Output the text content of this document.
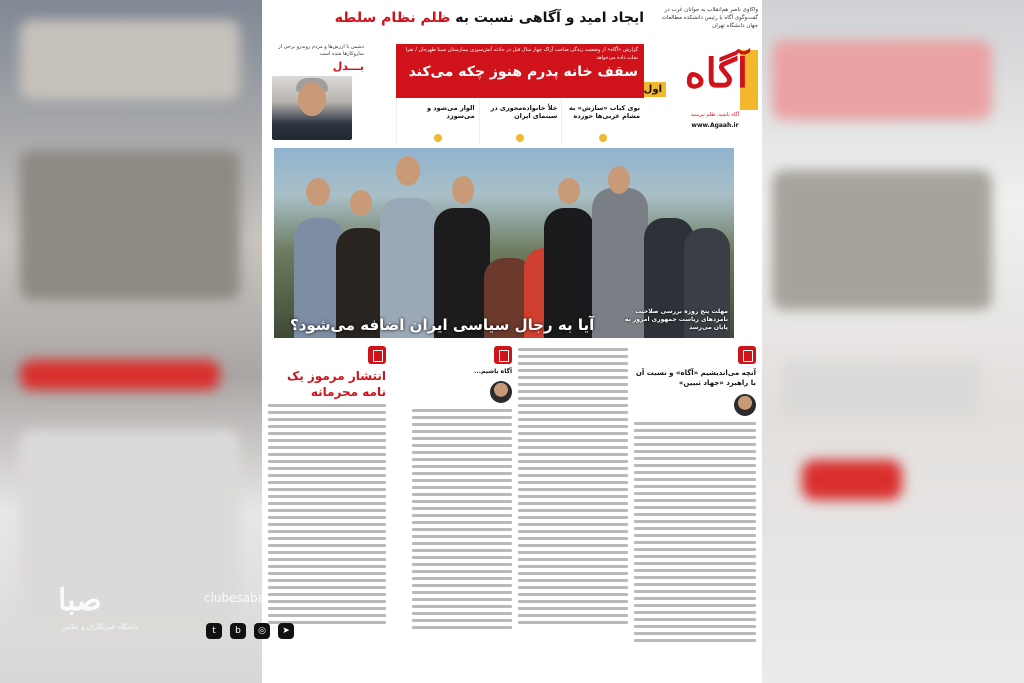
ایجاد امید و آگاهی نسبت به ظلم نظام سلطه	واکاوی ناصر هم‌انقلاب به جوانان غرب در گفت‌وگوی آگاه با رئیس دانشکده مطالعات جهان دانشگاه تهران
آگاه
آگاه باشید، ظلم نپرسید
www.Agaah.ir
اول
گزارش «آگاه» از وضعیت زندگی صاحب آراک چهار سال قبل در حادثه آتش‌سوزی بیمارستان سینا طهرجان / نقرا نجات داده می‌خواهد
سقف خانه پدرم هنوز چکه می‌کند
بوی کباب «سازش» به مشام غربی‌ها خورده
خلأ خانواده‌محوری در سینمای ایران
الوار می‌شود و می‌سوزد
دشمن با ارزش‌ها و مردم روبه‌رو برخی از سازوکارها شده است
بـــدل
آیا به رجال سیاسی ایران اضافه می‌شود؟
مهلت پنج روزه بررسی صلاحیت نامزدهای ریاست جمهوری امروز به پایان می‌رسد
آنچه می‌اندیشیم «آگاه» و نسبت آن با راهبرد «جهاد تبیین»
آگاه باشیم...
انتشار مرموز یک نامه محرمانه
صبا	clubesaba
باشگاه خبرنگاران و عکس	t	b	◎	➤
